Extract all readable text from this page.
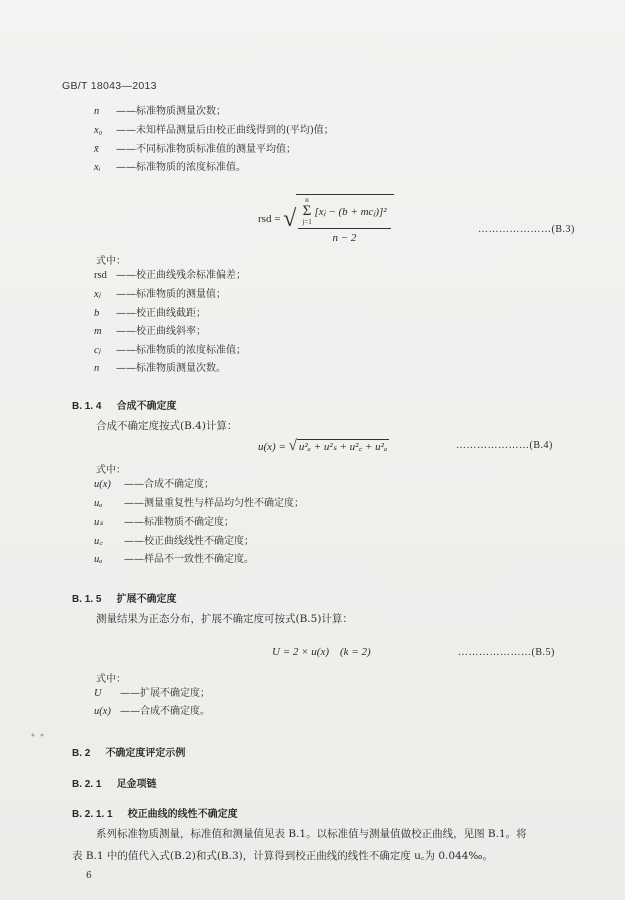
GB/T 18043—2013
n ——标准物质测量次数；
x₀ ——未知样品测量后由校正曲线得到的(平均)值；
x̄ ——不同标准物质标准值的测量平均值；
xᵢ ——标准物质的浓度标准值。
rsd = √
n
Σ
j=1
[xⱼ − (b + mcⱼ)]²
n − 2
…………………(B.3)
式中：
rsd ——校正曲线残余标准偏差；
xⱼ ——标准物质的测量值；
b ——校正曲线截距；
m ——校正曲线斜率；
cⱼ ——标准物质的浓度标准值；
n ——标准物质测量次数。
B. 1. 4 合成不确定度
合成不确定度按式(B.4)计算：
u(x) = √ u²ₐ + u²ₛ + u²꜀ + u²ₐ	…………………(B.4)
式中：
u(x) ——合成不确定度；
uₐ ——测量重复性与样品均匀性不确定度；
uₛ ——标准物质不确定度；
u꜀ ——校正曲线线性不确定度；
uₐ ——样品不一致性不确定度。
B. 1. 5 扩展不确定度
测量结果为正态分布，扩展不确定度可按式(B.5)计算：
U = 2 × u(x)    (k = 2)	…………………(B.5)
式中：
U ——扩展不确定度；
u(x) ——合成不确定度。
• •
B. 2 不确定度评定示例
B. 2. 1 足金项链
B. 2. 1. 1 校正曲线的线性不确定度
系列标准物质测量，标准值和测量值见表 B.1。以标准值与测量值做校正曲线，见图 B.1。将
表 B.1 中的值代入式(B.2)和式(B.3)，计算得到校正曲线的线性不确定度 u꜀为 0.044‰。
6
